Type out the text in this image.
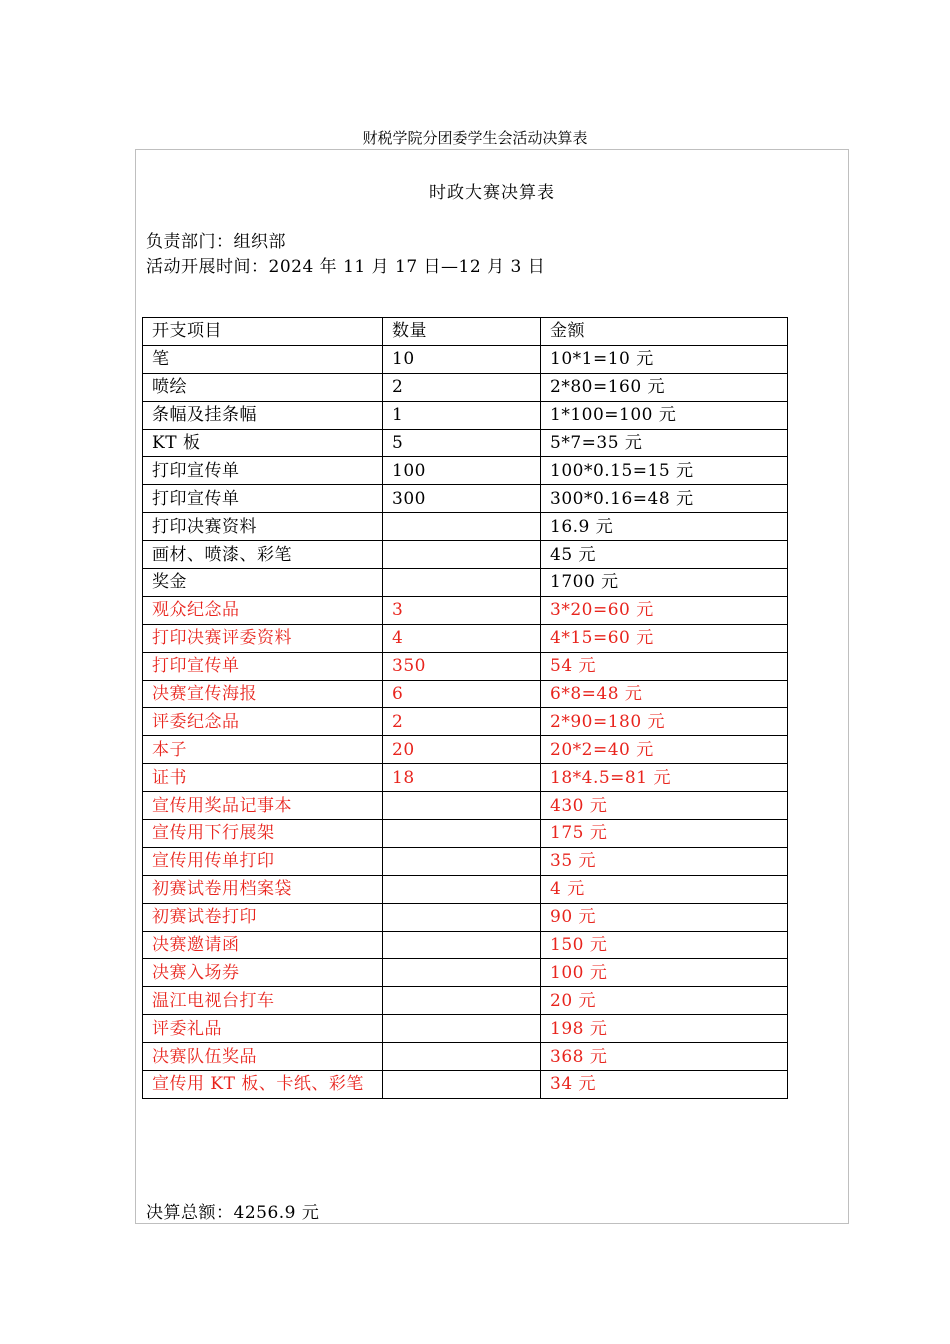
财税学院分团委学生会活动决算表
时政大赛决算表
负责部门：组织部
活动开展时间：2024 年 11 月 17 日—12 月 3 日
开支项目	数量	金额
笔	10	10*1=10 元
喷绘	2	2*80=160 元
条幅及挂条幅	1	1*100=100 元
KT 板	5	5*7=35 元
打印宣传单	100	100*0.15=15 元
打印宣传单	300	300*0.16=48 元
打印决赛资料		16.9 元
画材、喷漆、彩笔		45 元
奖金		1700 元
观众纪念品	3	3*20=60 元
打印决赛评委资料	4	4*15=60 元
打印宣传单	350	54 元
决赛宣传海报	6	6*8=48 元
评委纪念品	2	2*90=180 元
本子	20	20*2=40 元
证书	18	18*4.5=81 元
宣传用奖品记事本		430 元
宣传用下行展架		175 元
宣传用传单打印		35 元
初赛试卷用档案袋		4 元
初赛试卷打印		90 元
决赛邀请函		150 元
决赛入场券		100 元
温江电视台打车		20 元
评委礼品		198 元
决赛队伍奖品		368 元
宣传用 KT 板、卡纸、彩笔		34 元
决算总额：4256.9 元
